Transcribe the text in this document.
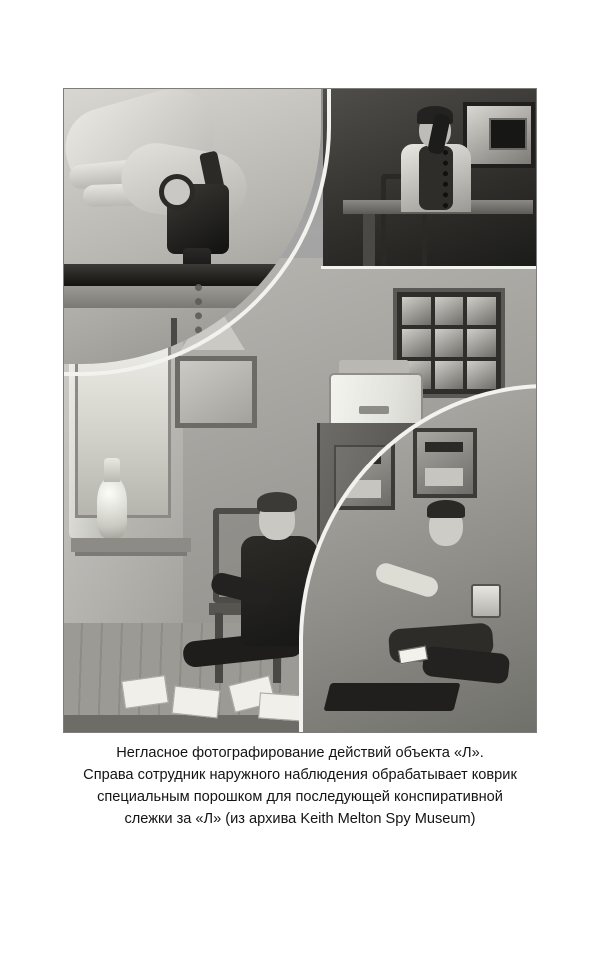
Негласное фотографирование действий объекта «Л».
Справа сотрудник наружного наблюдения обрабатывает коврик
специальным порошком для последующей конспиративной
слежки за «Л» (из архива Keith Melton Spy Museum)
